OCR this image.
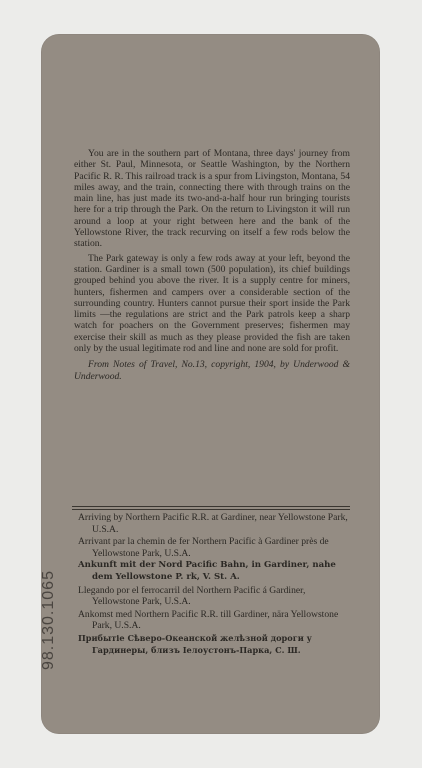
You are in the southern part of Montana, three days' journey from either St. Paul, Minnesota, or Seattle Washington, by the Northern Pacific R. R. This railroad track is a spur from Livingston, Montana, 54 miles away, and the train, connecting there with through trains on the main line, has just made its two-and-a-half hour run bringing tourists here for a trip through the Park. On the return to Livingston it will run around a loop at your right between here and the bank of the Yellowstone River, the track recurving on itself a few rods below the station.

The Park gateway is only a few rods away at your left, beyond the station. Gardiner is a small town (500 population), its chief buildings grouped behind you above the river. It is a supply centre for miners, hunters, fishermen and campers over a considerable section of the surrounding country. Hunters cannot pursue their sport inside the Park limits —the regulations are strict and the Park patrols keep a sharp watch for poachers on the Government preserves; fishermen may exercise their skill as much as they please provided the fish are taken only by the usual legitimate rod and line and none are sold for profit.

From Notes of Travel, No.13, copyright, 1904, by Underwood & Underwood.

Arriving by Northern Pacific R.R. at Gardiner, near Yellowstone Park, U.S.A.

Arrivant par la chemin de fer Northern Pacific à Gardiner près de Yellowstone Park, U.S.A.

Ankunft mit der Nord Pacific Bahn, in Gardiner, nahe dem Yellowstone P. rk, V. St. A.

Llegando por el ferrocarril del Northern Pacific á Gardiner, Yellowstone Park, U.S.A.

Ankomst med Northern Pacific R.R. till Gardiner, nära Yellowstone Park, U.S.A.

Прибытіе Сѣверо-Океанской желѣзной дороги у Гардинеры, близъ Іелоустонъ-Парка, С. Ш.

98.130.1065
